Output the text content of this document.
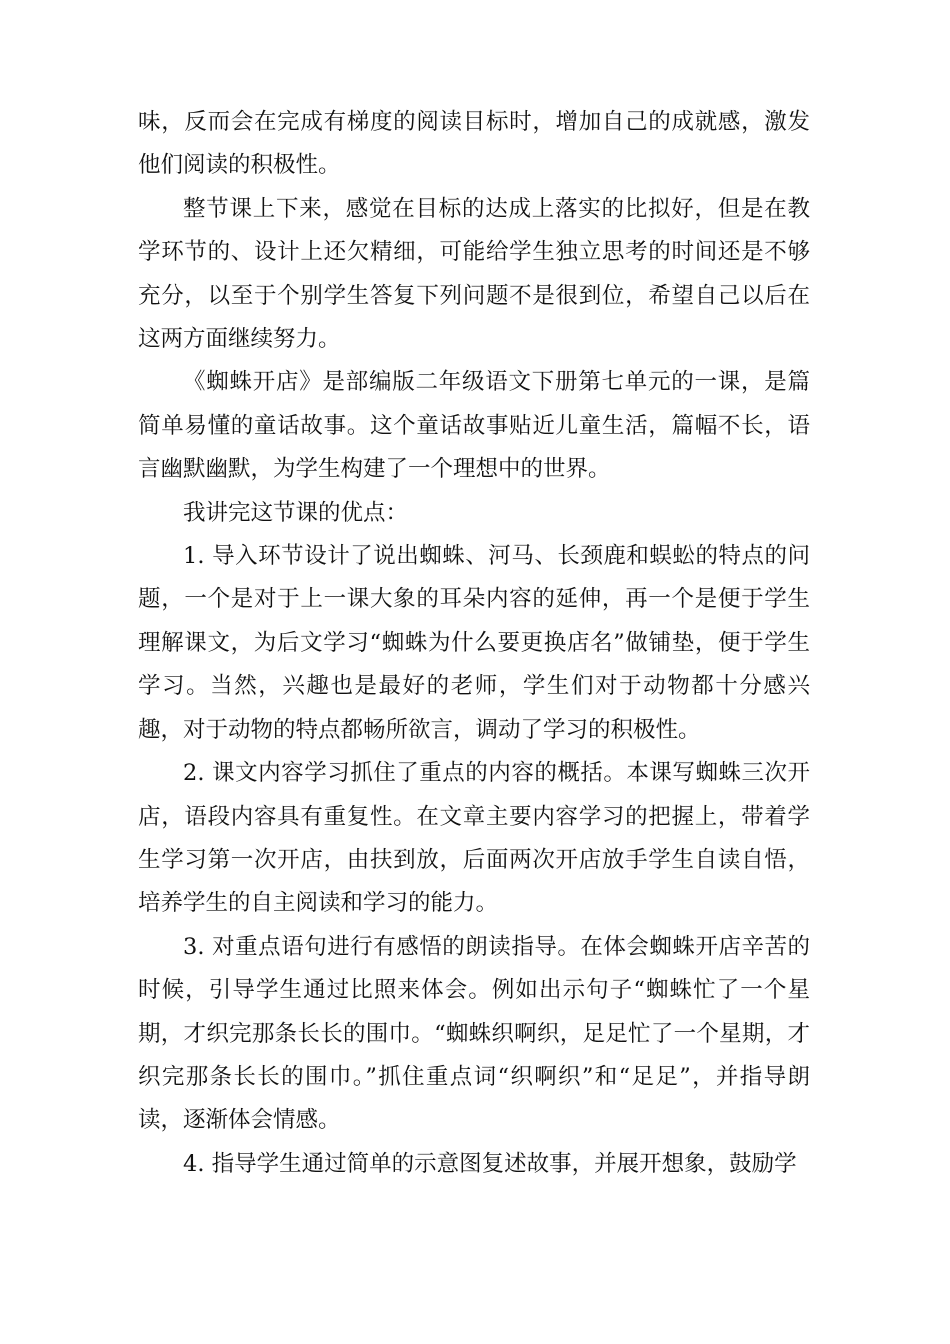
味，反而会在完成有梯度的阅读目标时，增加自己的成就感，激发他们阅读的积极性。

整节课上下来，感觉在目标的达成上落实的比拟好，但是在教学环节的、设计上还欠精细，可能给学生独立思考的时间还是不够充分，以至于个别学生答复下列问题不是很到位，希望自己以后在这两方面继续努力。

《蜘蛛开店》是部编版二年级语文下册第七单元的一课，是篇简单易懂的童话故事。这个童话故事贴近儿童生活，篇幅不长，语言幽默幽默，为学生构建了一个理想中的世界。

我讲完这节课的优点：

1. 导入环节设计了说出蜘蛛、河马、长颈鹿和蜈蚣的特点的问题，一个是对于上一课大象的耳朵内容的延伸，再一个是便于学生理解课文，为后文学习“蜘蛛为什么要更换店名”做铺垫，便于学生学习。当然，兴趣也是最好的老师，学生们对于动物都十分感兴趣，对于动物的特点都畅所欲言，调动了学习的积极性。

2. 课文内容学习抓住了重点的内容的概括。本课写蜘蛛三次开店，语段内容具有重复性。在文章主要内容学习的把握上，带着学生学习第一次开店，由扶到放，后面两次开店放手学生自读自悟，培养学生的自主阅读和学习的能力。

3. 对重点语句进行有感悟的朗读指导。在体会蜘蛛开店辛苦的时候，引导学生通过比照来体会。例如出示句子“蜘蛛忙了一个星期，才织完那条长长的围巾。“蜘蛛织啊织，足足忙了一个星期，才织完那条长长的围巾。”抓住重点词“织啊织”和“足足”，并指导朗读，逐渐体会情感。

4. 指导学生通过简单的示意图复述故事，并展开想象，鼓励学
